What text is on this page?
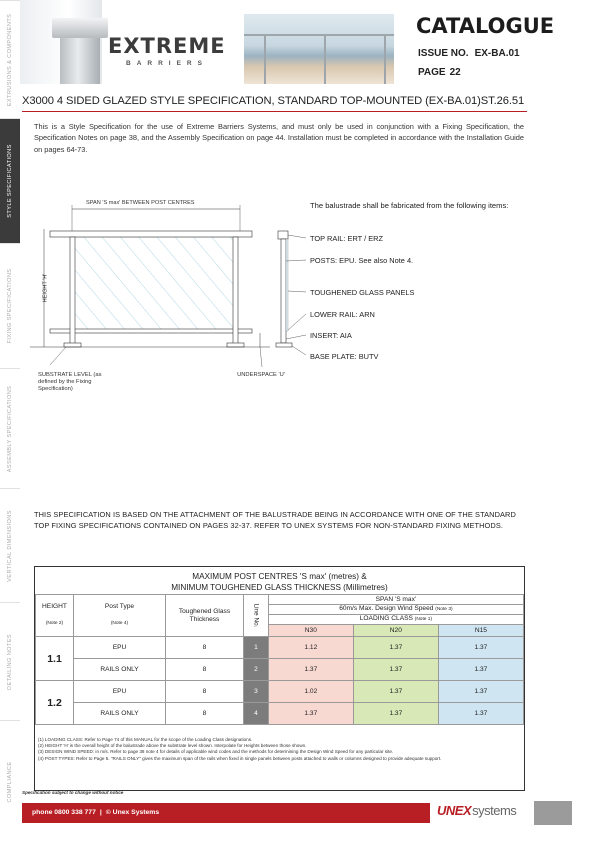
EXTRUSIONS & COMPONENTS
STYLE SPECIFICATIONS
FIXING SPECIFICATIONS
ASSEMBLY SPECIFICATIONS
VERTICAL DIMENSIONS
DETAILING NOTES
COMPLIANCE
EXTREME
BARRIERS
CATALOGUE
ISSUE NO. EX-BA.01
PAGE 22
X3000 4 SIDED GLAZED STYLE SPECIFICATION, STANDARD TOP-MOUNTED (EX-BA.01)ST.26.51
This is a Style Specification for the use of Extreme Barriers Systems, and must only be used in conjunction with a Fixing Specification, the Specification Notes on page 38, and the Assembly Specification on page 44. Installation must be completed in accordance with the Installation Guide on pages 64-73.
SPAN 'S max' BETWEEN POST CENTRES
HEIGHT 'H'
SUBSTRATE LEVEL (as defined by the Fixing Specification)
UNDERSPACE 'U'
The balustrade shall be fabricated from the following items:
TOP RAIL: ERT / ERZ
POSTS: EPU. See also Note 4.
TOUGHENED GLASS PANELS
LOWER RAIL: ARN
INSERT: AIA
BASE PLATE: BUTV
THIS SPECIFICATION IS BASED ON THE ATTACHMENT OF THE BALUSTRADE BEING IN ACCORDANCE WITH ONE OF THE STANDARD TOP FIXING SPECIFICATIONS CONTAINED ON PAGES 32-37. REFER TO UNEX SYSTEMS FOR NON-STANDARD FIXING METHODS.
MAXIMUM POST CENTRES 'S max' (metres) &
MINIMUM TOUGHENED GLASS THICKNESS (Millimetres)
HEIGHT

(Note 2)	Post Type

(Note 4)	Toughened Glass Thickness	Line No.	SPAN 'S max'		
				60m/s Max. Design Wind Speed (Note 3)		
				LOADING CLASS (Note 1)		
				N30	N20	N15
1.1	EPU	8	1	1.12	1.37	1.37
	RAILS ONLY	8	2	1.37	1.37	1.37
1.2	EPU	8	3	1.02	1.37	1.37
	RAILS ONLY	8	4	1.37	1.37	1.37
(1) LOADING CLASS: Refer to Page 74 of this MANUAL for the scope of the Loading Class designations.
(2) HEIGHT 'H' is the overall height of the balustrade above the substrate level shown. Interpolate for Heights between those shown.
(3) DESIGN WIND SPEED: in m/s. Refer to page 38 note 4 for details of applicable wind codes and the methods for determining the Design Wind Speed for any particular site.
(4) POST TYPES: Refer to Page 5. "RAILS ONLY" gives the maximum span of the rails when fixed in single panels between posts attached to walls or columns designed to provide adequate support.
Specification subject to change without notice
phone 0800 338 777 | © Unex Systems	UNEXsystems
